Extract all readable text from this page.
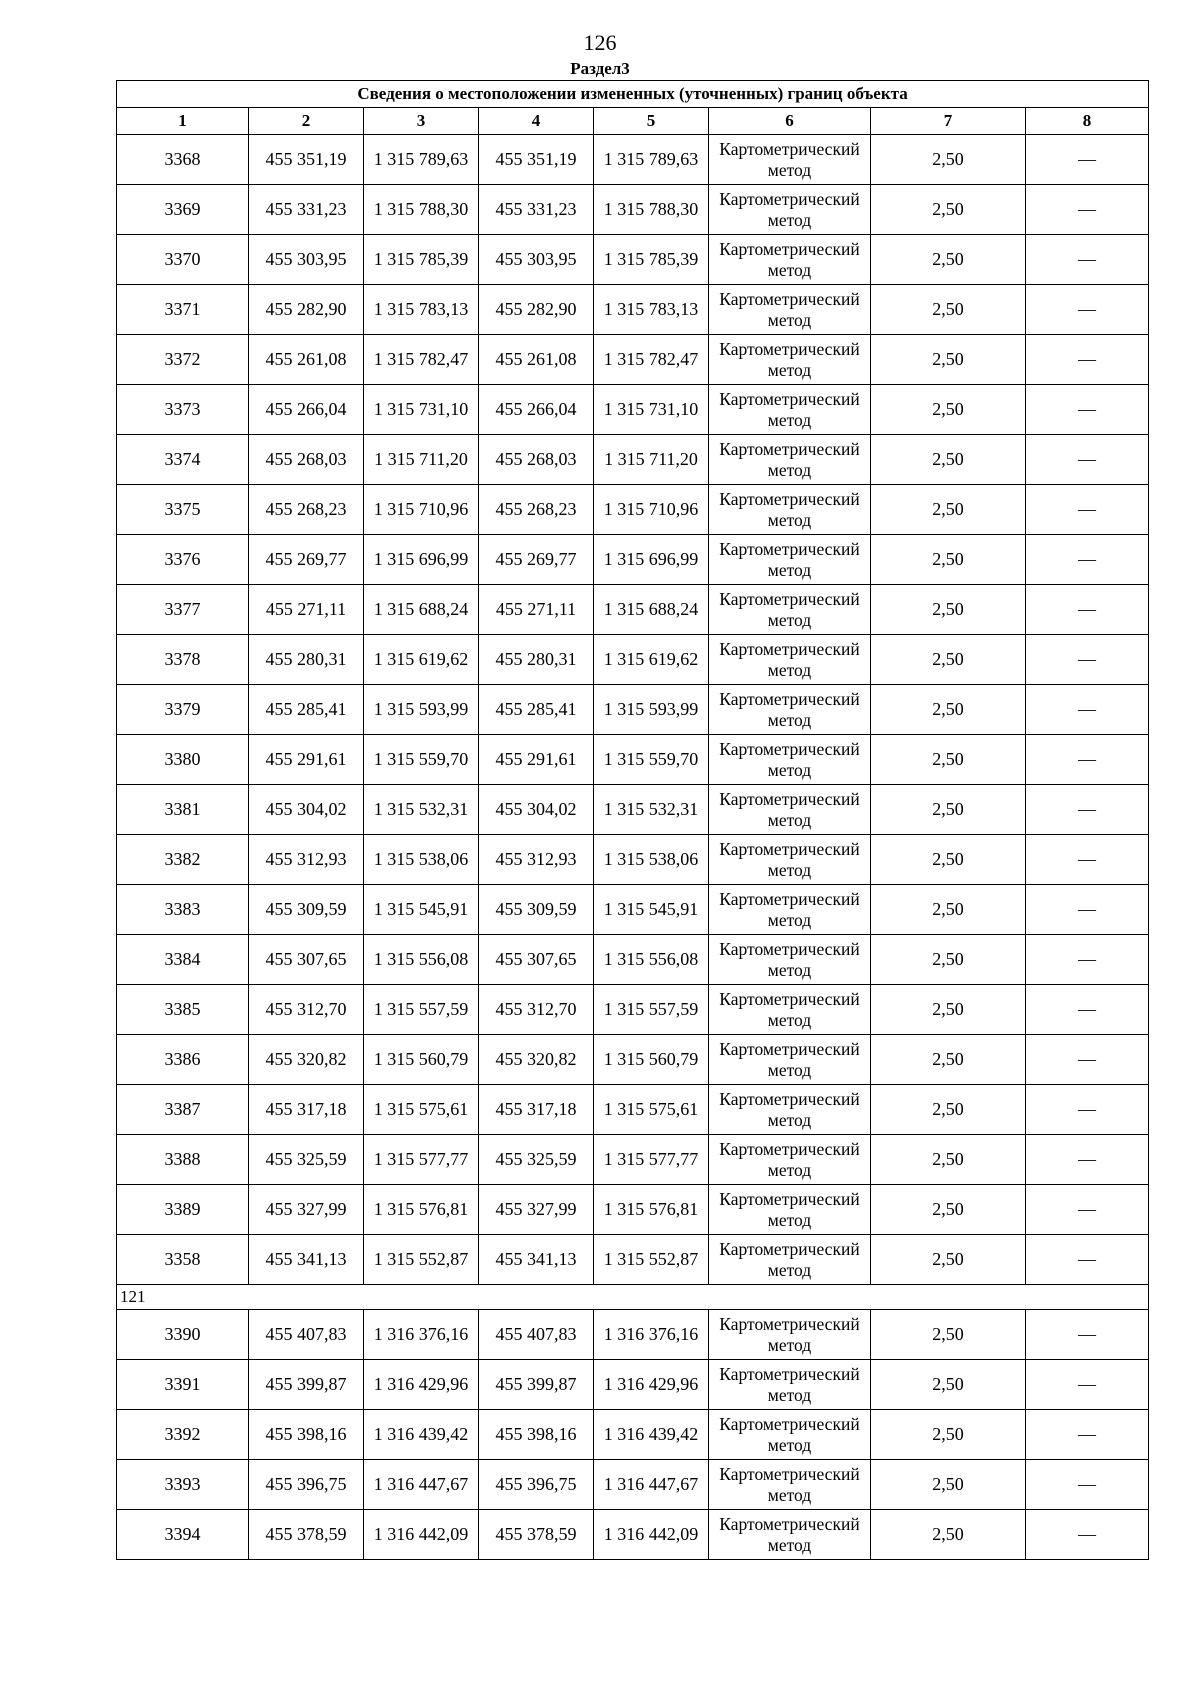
126
Раздел3
Сведения о местоположении измененных (уточненных) границ объекта							
1	2	3	4	5	6	7	8
3368	455 351,19	1 315 789,63	455 351,19	1 315 789,63	Картометрический метод	2,50	—
3369	455 331,23	1 315 788,30	455 331,23	1 315 788,30	Картометрический метод	2,50	—
3370	455 303,95	1 315 785,39	455 303,95	1 315 785,39	Картометрический метод	2,50	—
3371	455 282,90	1 315 783,13	455 282,90	1 315 783,13	Картометрический метод	2,50	—
3372	455 261,08	1 315 782,47	455 261,08	1 315 782,47	Картометрический метод	2,50	—
3373	455 266,04	1 315 731,10	455 266,04	1 315 731,10	Картометрический метод	2,50	—
3374	455 268,03	1 315 711,20	455 268,03	1 315 711,20	Картометрический метод	2,50	—
3375	455 268,23	1 315 710,96	455 268,23	1 315 710,96	Картометрический метод	2,50	—
3376	455 269,77	1 315 696,99	455 269,77	1 315 696,99	Картометрический метод	2,50	—
3377	455 271,11	1 315 688,24	455 271,11	1 315 688,24	Картометрический метод	2,50	—
3378	455 280,31	1 315 619,62	455 280,31	1 315 619,62	Картометрический метод	2,50	—
3379	455 285,41	1 315 593,99	455 285,41	1 315 593,99	Картометрический метод	2,50	—
3380	455 291,61	1 315 559,70	455 291,61	1 315 559,70	Картометрический метод	2,50	—
3381	455 304,02	1 315 532,31	455 304,02	1 315 532,31	Картометрический метод	2,50	—
3382	455 312,93	1 315 538,06	455 312,93	1 315 538,06	Картометрический метод	2,50	—
3383	455 309,59	1 315 545,91	455 309,59	1 315 545,91	Картометрический метод	2,50	—
3384	455 307,65	1 315 556,08	455 307,65	1 315 556,08	Картометрический метод	2,50	—
3385	455 312,70	1 315 557,59	455 312,70	1 315 557,59	Картометрический метод	2,50	—
3386	455 320,82	1 315 560,79	455 320,82	1 315 560,79	Картометрический метод	2,50	—
3387	455 317,18	1 315 575,61	455 317,18	1 315 575,61	Картометрический метод	2,50	—
3388	455 325,59	1 315 577,77	455 325,59	1 315 577,77	Картометрический метод	2,50	—
3389	455 327,99	1 315 576,81	455 327,99	1 315 576,81	Картометрический метод	2,50	—
3358	455 341,13	1 315 552,87	455 341,13	1 315 552,87	Картометрический метод	2,50	—
121							
3390	455 407,83	1 316 376,16	455 407,83	1 316 376,16	Картометрический метод	2,50	—
3391	455 399,87	1 316 429,96	455 399,87	1 316 429,96	Картометрический метод	2,50	—
3392	455 398,16	1 316 439,42	455 398,16	1 316 439,42	Картометрический метод	2,50	—
3393	455 396,75	1 316 447,67	455 396,75	1 316 447,67	Картометрический метод	2,50	—
3394	455 378,59	1 316 442,09	455 378,59	1 316 442,09	Картометрический метод	2,50	—
